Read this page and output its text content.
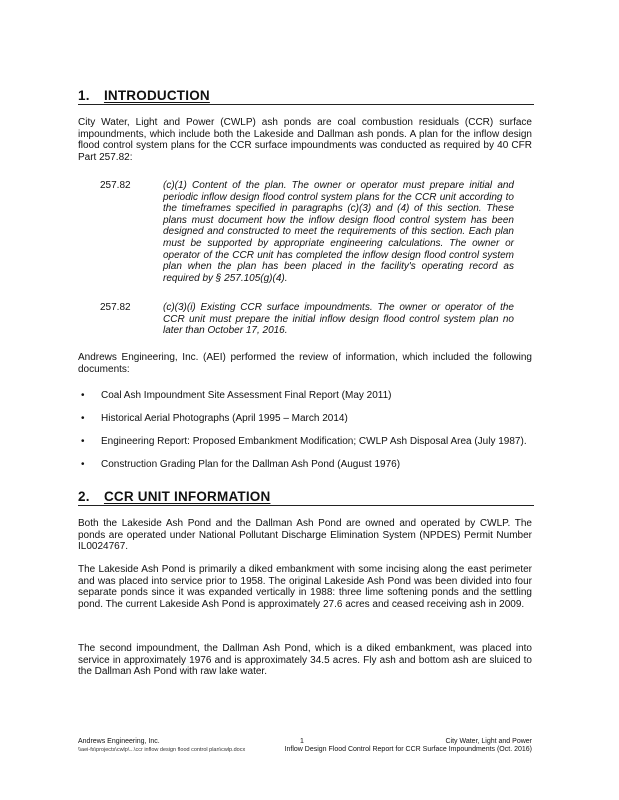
1. INTRODUCTION

City Water, Light and Power (CWLP) ash ponds are coal combustion residuals (CCR) surface impoundments, which include both the Lakeside and Dallman ash ponds. A plan for the inflow design flood control system plans for the CCR surface impoundments was conducted as required by 40 CFR Part 257.82:

257.82	(c)(1) Content of the plan. The owner or operator must prepare initial and periodic inflow design flood control system plans for the CCR unit according to the timeframes specified in paragraphs (c)(3) and (4) of this section. These plans must document how the inflow design flood control system has been designed and constructed to meet the requirements of this section. Each plan must be supported by appropriate engineering calculations. The owner or operator of the CCR unit has completed the inflow design flood control system plan when the plan has been placed in the facility's operating record as required by § 257.105(g)(4).
257.82	(c)(3)(i) Existing CCR surface impoundments. The owner or operator of the CCR unit must prepare the initial inflow design flood control system plan no later than October 17, 2016.

Andrews Engineering, Inc. (AEI) performed the review of information, which included the following documents:

• Coal Ash Impoundment Site Assessment Final Report (May 2011)
• Historical Aerial Photographs (April 1995 – March 2014)
• Engineering Report: Proposed Embankment Modification; CWLP Ash Disposal Area (July 1987).
• Construction Grading Plan for the Dallman Ash Pond (August 1976)
2. CCR UNIT INFORMATION

Both the Lakeside Ash Pond and the Dallman Ash Pond are owned and operated by CWLP. The ponds are operated under National Pollutant Discharge Elimination System (NPDES) Permit Number IL0024767.

The Lakeside Ash Pond is primarily a diked embankment with some incising along the east perimeter and was placed into service prior to 1958. The original Lakeside Ash Pond was been divided into four separate ponds since it was expanded vertically in 1988: three lime softening ponds and the settling pond. The current Lakeside Ash Pond is approximately 27.6 acres and ceased receiving ash in 2009.

The second impoundment, the Dallman Ash Pond, which is a diked embankment, was placed into service in approximately 1976 and is approximately 34.5 acres. Fly ash and bottom ash are sluiced to the Dallman Ash Pond with raw lake water.

Andrews Engineering, Inc.
\\aei-fs\projects\cwlp\...\ccr inflow design flood control plan\cwlp.docx
1	City Water, Light and Power
Inflow Design Flood Control Report for CCR Surface Impoundments (Oct. 2016)
